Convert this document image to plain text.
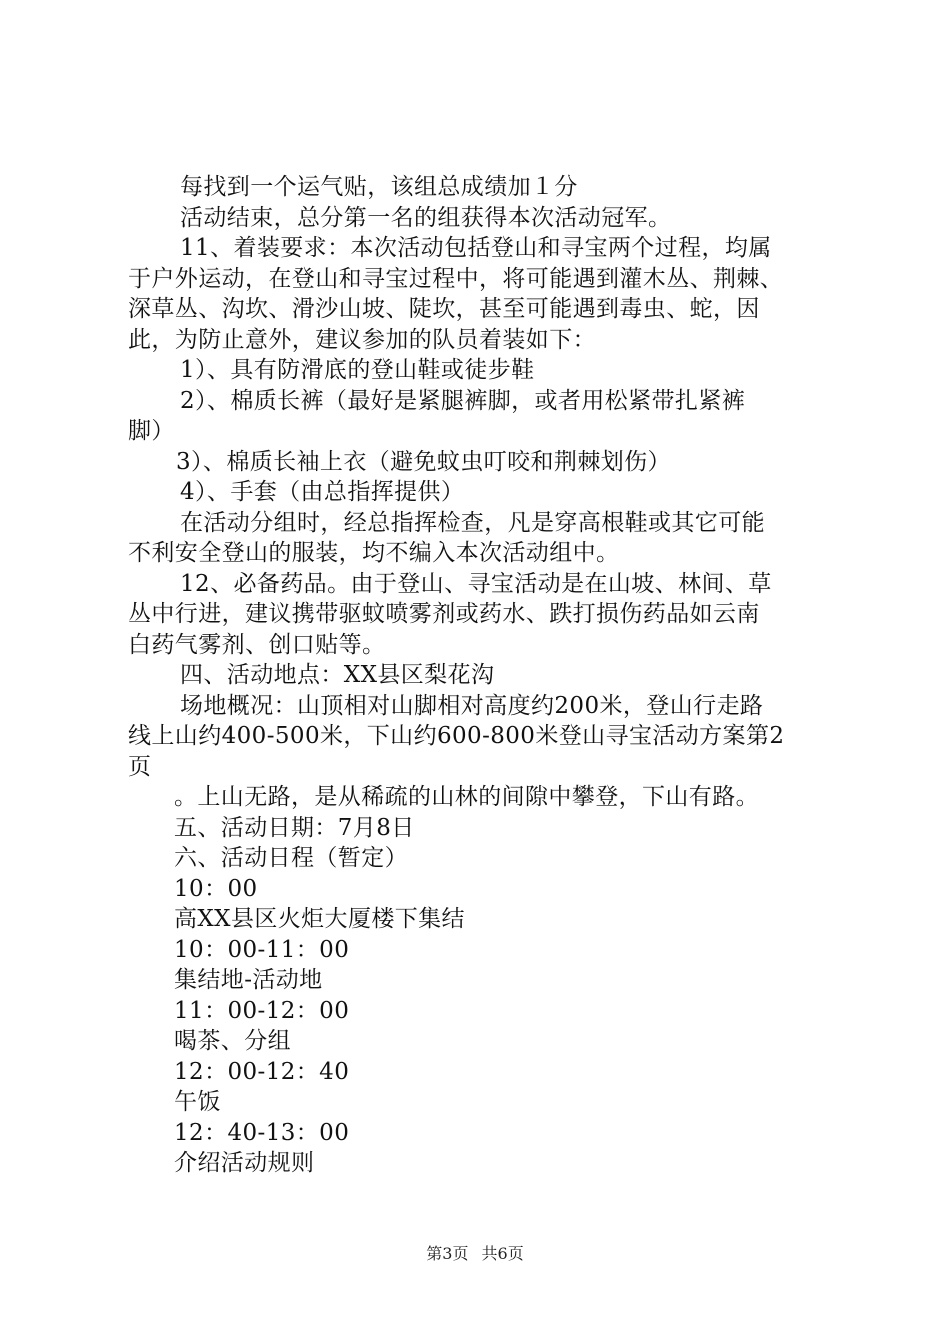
每找到一个运气贴，该组总成绩加１分
活动结束，总分第一名的组获得本次活动冠军。
11、着装要求：本次活动包括登山和寻宝两个过程，均属
于户外运动，在登山和寻宝过程中，将可能遇到灌木丛、荆棘、
深草丛、沟坎、滑沙山坡、陡坎，甚至可能遇到毒虫、蛇，因
此，为防止意外，建议参加的队员着装如下：
1）、具有防滑底的登山鞋或徒步鞋
2）、棉质长裤（最好是紧腿裤脚，或者用松紧带扎紧裤
脚）
3）、棉质长袖上衣（避免蚊虫叮咬和荆棘划伤）
4）、手套（由总指挥提供）
在活动分组时，经总指挥检查，凡是穿高根鞋或其它可能
不利安全登山的服装，均不编入本次活动组中。
12、必备药品。由于登山、寻宝活动是在山坡、林间、草
丛中行进，建议携带驱蚊喷雾剂或药水、跌打损伤药品如云南
白药气雾剂、创口贴等。
四、活动地点：XX县区梨花沟
场地概况：山顶相对山脚相对高度约200米，登山行走路
线上山约400-500米，下山约600-800米登山寻宝活动方案第2
页
。上山无路，是从稀疏的山林的间隙中攀登，下山有路。
五、活动日期：7月8日
六、活动日程（暂定）
10：00
高XX县区火炬大厦楼下集结
10：00-11：00
集结地-活动地
11：00-12：00
喝茶、分组
12：00-12：40
午饭
12：40-13：00
介绍活动规则
第3页 共6页
